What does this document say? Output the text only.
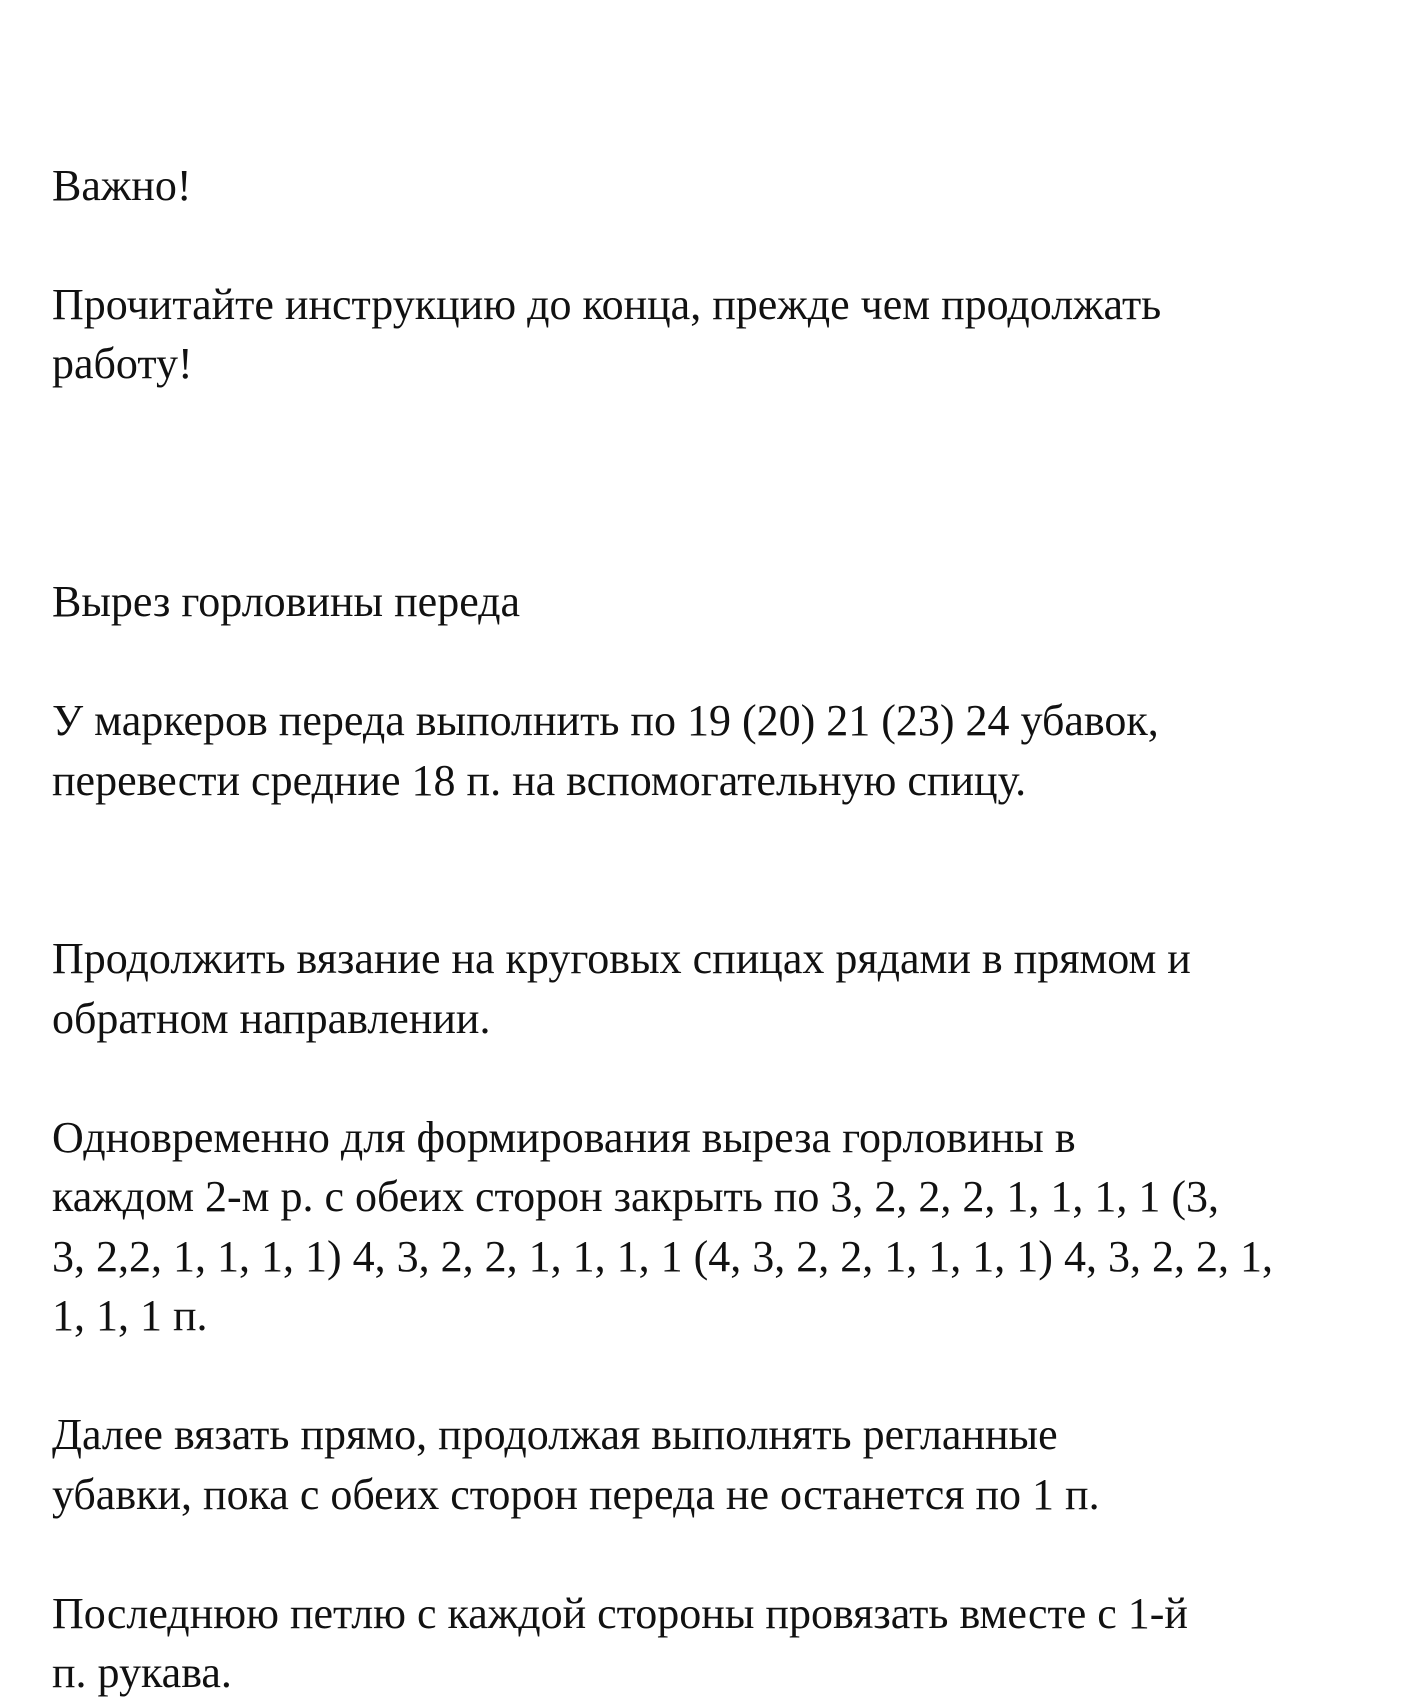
Важно!

Прочитайте инструкцию до конца, прежде чем продолжать
работу!

Вырез горловины переда

У маркеров переда выполнить по 19 (20) 21 (23) 24 убавок,
перевести средние 18 п. на вспомогательную спицу.

Продолжить вязание на круговых спицах рядами в прямом и
обратном направлении.
Одновременно для формирования выреза горловины в
каждом 2-м р. с обеих сторон закрыть по 3, 2, 2, 2, 1, 1, 1, 1 (3,
3, 2,2, 1, 1, 1, 1) 4, 3, 2, 2, 1, 1, 1, 1 (4, 3, 2, 2, 1, 1, 1, 1) 4, 3, 2, 2, 1,
1, 1, 1 п.
Далее вязать прямо, продолжая выполнять регланные
убавки, пока с обеих сторон переда не останется по 1 п.
Последнюю петлю с каждой стороны провязать вместе с 1-й
п. рукава.
